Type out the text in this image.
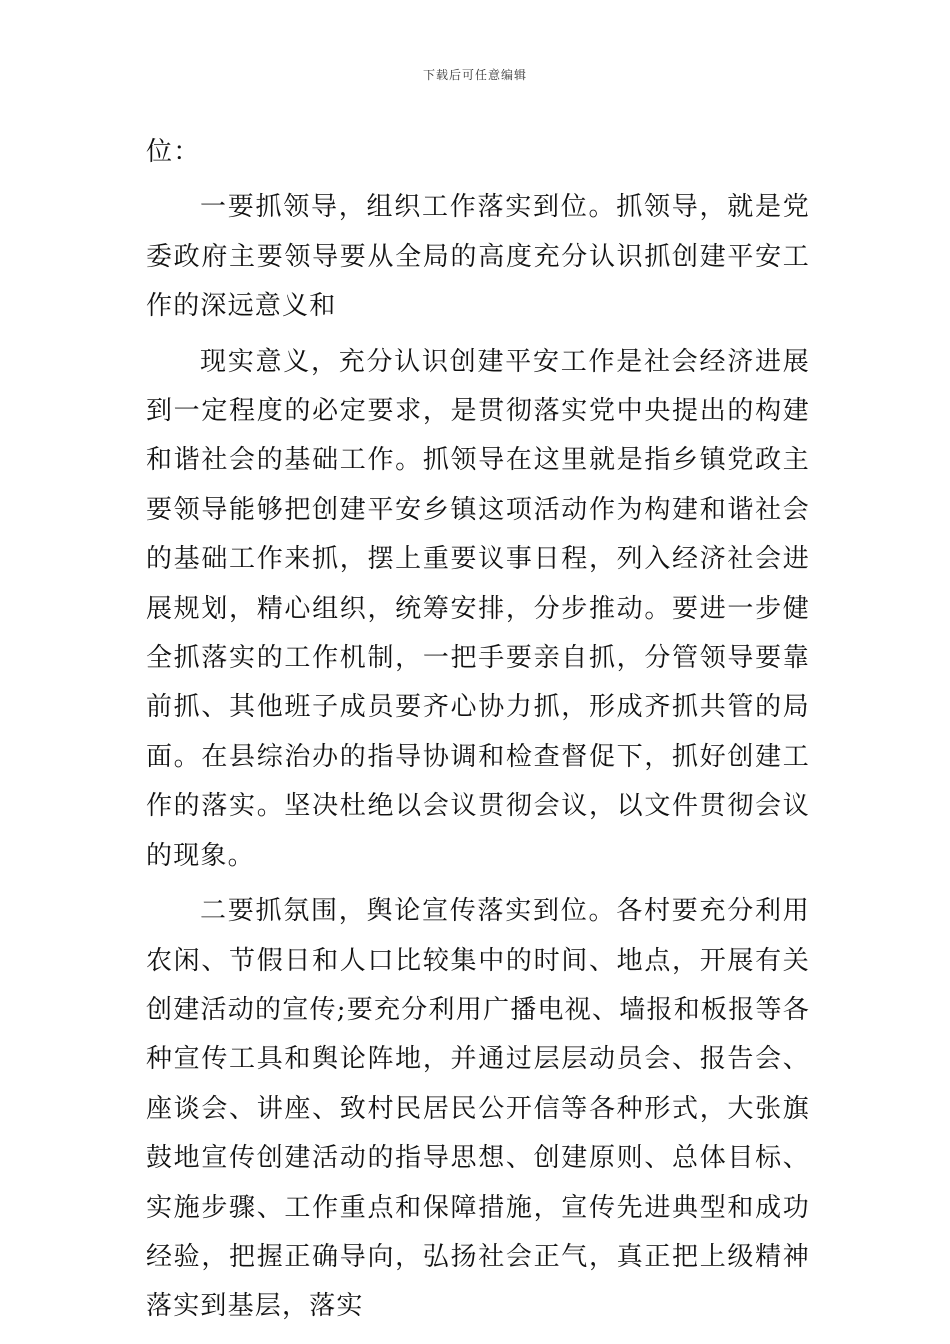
下载后可任意编辑

位：

一要抓领导，组织工作落实到位。抓领导，就是党委政府主要领导要从全局的高度充分认识抓创建平安工作的深远意义和

现实意义，充分认识创建平安工作是社会经济进展到一定程度的必定要求，是贯彻落实党中央提出的构建和谐社会的基础工作。抓领导在这里就是指乡镇党政主要领导能够把创建平安乡镇这项活动作为构建和谐社会的基础工作来抓，摆上重要议事日程，列入经济社会进展规划，精心组织，统筹安排，分步推动。要进一步健全抓落实的工作机制，一把手要亲自抓，分管领导要靠前抓、其他班子成员要齐心协力抓，形成齐抓共管的局面。在县综治办的指导协调和检查督促下，抓好创建工作的落实。坚决杜绝以会议贯彻会议，以文件贯彻会议的现象。

二要抓氛围，舆论宣传落实到位。各村要充分利用农闲、节假日和人口比较集中的时间、地点，开展有关创建活动的宣传;要充分利用广播电视、墙报和板报等各种宣传工具和舆论阵地，并通过层层动员会、报告会、座谈会、讲座、致村民居民公开信等各种形式，大张旗鼓地宣传创建活动的指导思想、创建原则、总体目标、实施步骤、工作重点和保障措施，宣传先进典型和成功经验，把握正确导向，弘扬社会正气，真正把上级精神落实到基层，落实
